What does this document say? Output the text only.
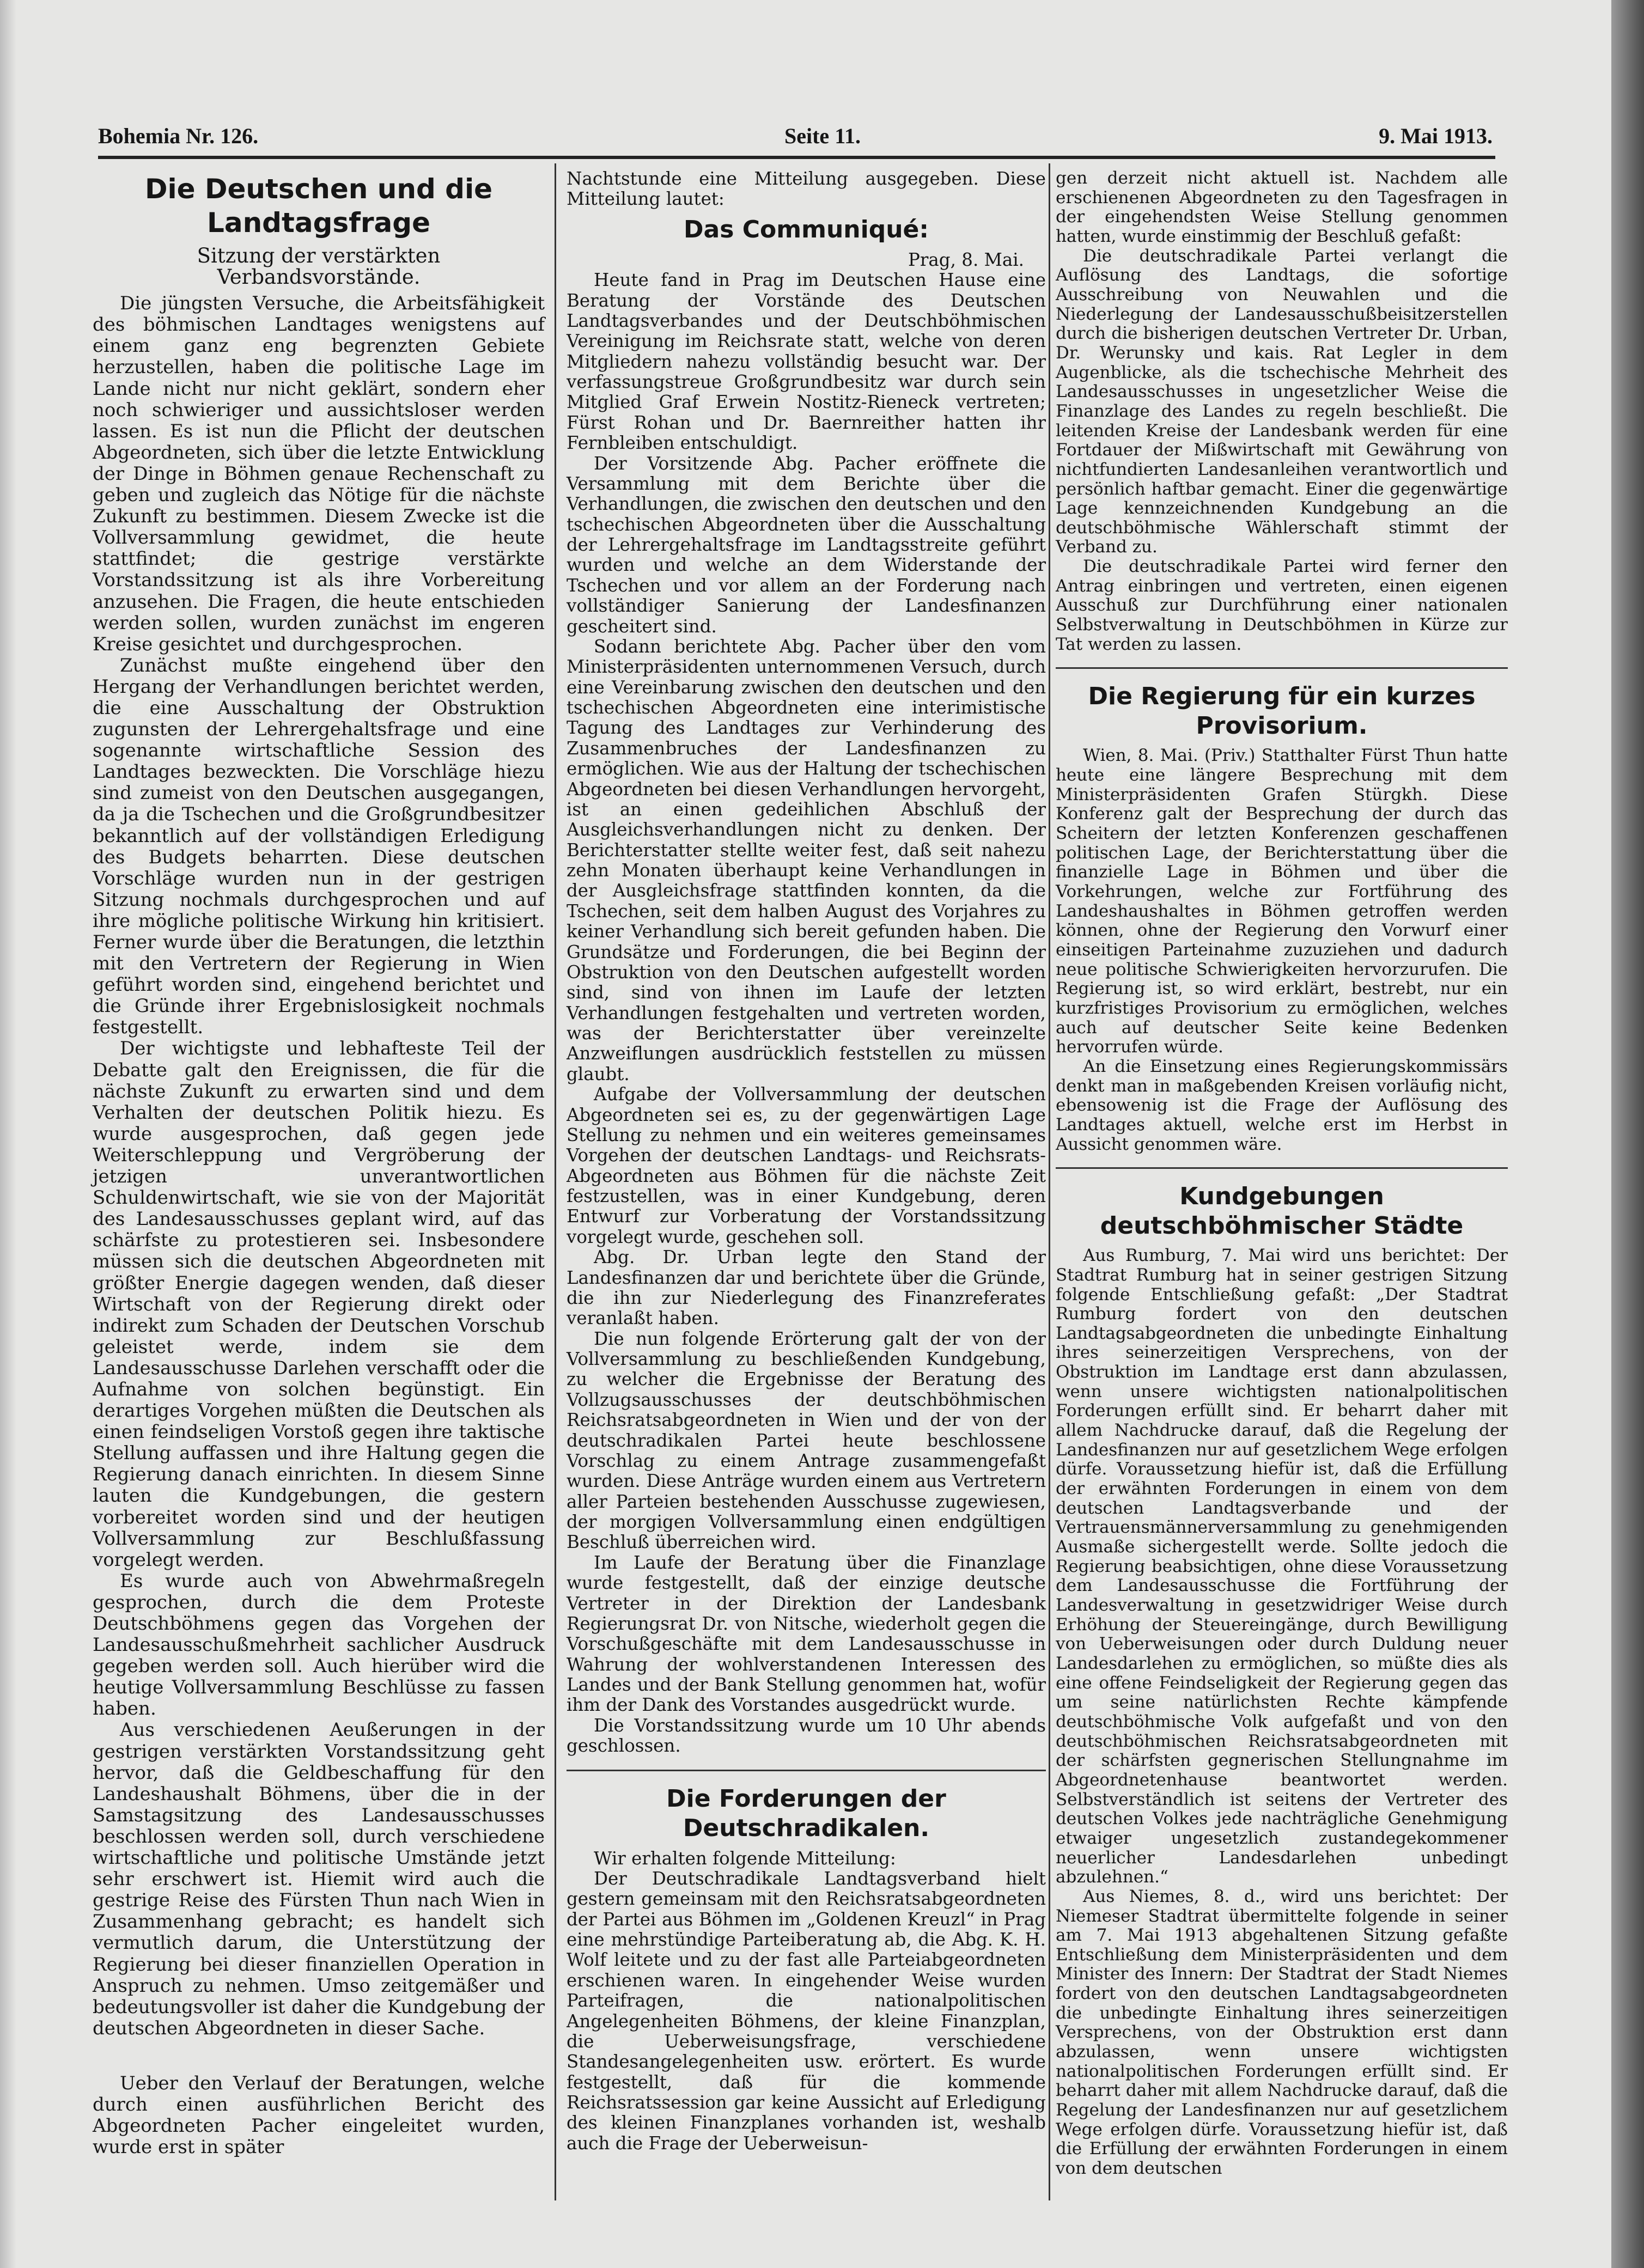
Bohemia Nr. 126.	Seite 11.	9. Mai 1913.
Die Deutschen und die Landtagsfrage
Sitzung der verstärkten Verbandsvorstände.

Die jüngsten Versuche, die Arbeitsfähigkeit des böhmischen Landtages wenigstens auf einem ganz eng begrenzten Gebiete herzustellen, haben die politische Lage im Lande nicht nur nicht geklärt, sondern eher noch schwieriger und aussichtsloser werden lassen. Es ist nun die Pflicht der deutschen Abgeordneten, sich über die letzte Entwicklung der Dinge in Böhmen genaue Rechenschaft zu geben und zugleich das Nötige für die nächste Zukunft zu bestimmen. Diesem Zwecke ist die Vollversammlung gewidmet, die heute stattfindet; die gestrige verstärkte Vorstandssitzung ist als ihre Vorbereitung anzusehen. Die Fragen, die heute entschieden werden sollen, wurden zunächst im engeren Kreise gesichtet und durchgesprochen.

Zunächst mußte eingehend über den Hergang der Verhandlungen berichtet werden, die eine Ausschaltung der Obstruktion zugunsten der Lehrergehaltsfrage und eine sogenannte wirtschaftliche Session des Landtages bezweckten. Die Vorschläge hiezu sind zumeist von den Deutschen ausgegangen, da ja die Tschechen und die Großgrundbesitzer bekanntlich auf der vollständigen Erledigung des Budgets beharrten. Diese deutschen Vorschläge wurden nun in der gestrigen Sitzung nochmals durchgesprochen und auf ihre mögliche politische Wirkung hin kritisiert. Ferner wurde über die Beratungen, die letzthin mit den Vertretern der Regierung in Wien geführt worden sind, eingehend berichtet und die Gründe ihrer Ergebnislosigkeit nochmals festgestellt.

Der wichtigste und lebhafteste Teil der Debatte galt den Ereignissen, die für die nächste Zukunft zu erwarten sind und dem Verhalten der deutschen Politik hiezu. Es wurde ausgesprochen, daß gegen jede Weiterschleppung und Vergröberung der jetzigen unverantwortlichen Schuldenwirtschaft, wie sie von der Majorität des Landesausschusses geplant wird, auf das schärfste zu protestieren sei. Insbesondere müssen sich die deutschen Abgeordneten mit größter Energie dagegen wenden, daß dieser Wirtschaft von der Regierung direkt oder indirekt zum Schaden der Deutschen Vorschub geleistet werde, indem sie dem Landesausschusse Darlehen verschafft oder die Aufnahme von solchen begünstigt. Ein derartiges Vorgehen müßten die Deutschen als einen feindseligen Vorstoß gegen ihre taktische Stellung auffassen und ihre Haltung gegen die Regierung danach einrichten. In diesem Sinne lauten die Kundgebungen, die gestern vorbereitet worden sind und der heutigen Vollversammlung zur Beschlußfassung vorgelegt werden.

Es wurde auch von Abwehrmaßregeln gesprochen, durch die dem Proteste Deutschböhmens gegen das Vorgehen der Landesausschußmehrheit sachlicher Ausdruck gegeben werden soll. Auch hierüber wird die heutige Vollversammlung Beschlüsse zu fassen haben.

Aus verschiedenen Aeußerungen in der gestrigen verstärkten Vorstandssitzung geht hervor, daß die Geldbeschaffung für den Landeshaushalt Böhmens, über die in der Samstagsitzung des Landesausschusses beschlossen werden soll, durch verschiedene wirtschaftliche und politische Umstände jetzt sehr erschwert ist. Hiemit wird auch die gestrige Reise des Fürsten Thun nach Wien in Zusammenhang gebracht; es handelt sich vermutlich darum, die Unterstützung der Regierung bei dieser finanziellen Operation in Anspruch zu nehmen. Umso zeitgemäßer und bedeutungsvoller ist daher die Kundgebung der deutschen Abgeordneten in dieser Sache.

Ueber den Verlauf der Beratungen, welche durch einen ausführlichen Bericht des Abgeordneten Pacher eingeleitet wurden, wurde erst in später

Nachtstunde eine Mitteilung ausgegeben. Diese Mitteilung lautet:

Das Communiqué:

Prag, 8. Mai.

Heute fand in Prag im Deutschen Hause eine Beratung der Vorstände des Deutschen Landtagsverbandes und der Deutschböhmischen Vereinigung im Reichsrate statt, welche von deren Mitgliedern nahezu vollständig besucht war. Der verfassungstreue Großgrundbesitz war durch sein Mitglied Graf Erwein Nostitz-Rieneck vertreten; Fürst Rohan und Dr. Baernreither hatten ihr Fernbleiben entschuldigt.

Der Vorsitzende Abg. Pacher eröffnete die Versammlung mit dem Berichte über die Verhandlungen, die zwischen den deutschen und den tschechischen Abgeordneten über die Ausschaltung der Lehrergehaltsfrage im Landtagsstreite geführt wurden und welche an dem Widerstande der Tschechen und vor allem an der Forderung nach vollständiger Sanierung der Landesfinanzen gescheitert sind.

Sodann berichtete Abg. Pacher über den vom Ministerpräsidenten unternommenen Versuch, durch eine Vereinbarung zwischen den deutschen und den tschechischen Abgeordneten eine interimistische Tagung des Landtages zur Verhinderung des Zusammenbruches der Landesfinanzen zu ermöglichen. Wie aus der Haltung der tschechischen Abgeordneten bei diesen Verhandlungen hervorgeht, ist an einen gedeihlichen Abschluß der Ausgleichsverhandlungen nicht zu denken. Der Berichterstatter stellte weiter fest, daß seit nahezu zehn Monaten überhaupt keine Verhandlungen in der Ausgleichsfrage stattfinden konnten, da die Tschechen, seit dem halben August des Vorjahres zu keiner Verhandlung sich bereit gefunden haben. Die Grundsätze und Forderungen, die bei Beginn der Obstruktion von den Deutschen aufgestellt worden sind, sind von ihnen im Laufe der letzten Verhandlungen festgehalten und vertreten worden, was der Berichterstatter über vereinzelte Anzweiflungen ausdrücklich feststellen zu müssen glaubt.

Aufgabe der Vollversammlung der deutschen Abgeordneten sei es, zu der gegenwärtigen Lage Stellung zu nehmen und ein weiteres gemeinsames Vorgehen der deutschen Landtags- und Reichsrats-Abgeordneten aus Böhmen für die nächste Zeit festzustellen, was in einer Kundgebung, deren Entwurf zur Vorberatung der Vorstandssitzung vorgelegt wurde, geschehen soll.

Abg. Dr. Urban legte den Stand der Landesfinanzen dar und berichtete über die Gründe, die ihn zur Niederlegung des Finanzreferates veranlaßt haben.

Die nun folgende Erörterung galt der von der Vollversammlung zu beschließenden Kundgebung, zu welcher die Ergebnisse der Beratung des Vollzugsausschusses der deutschböhmischen Reichsratsabgeordneten in Wien und der von der deutschradikalen Partei heute beschlossene Vorschlag zu einem Antrage zusammengefaßt wurden. Diese Anträge wurden einem aus Vertretern aller Parteien bestehenden Ausschusse zugewiesen, der morgigen Vollversammlung einen endgültigen Beschluß überreichen wird.

Im Laufe der Beratung über die Finanzlage wurde festgestellt, daß der einzige deutsche Vertreter in der Direktion der Landesbank Regierungsrat Dr. von Nitsche, wiederholt gegen die Vorschußgeschäfte mit dem Landesausschusse in Wahrung der wohlverstandenen Interessen des Landes und der Bank Stellung genommen hat, wofür ihm der Dank des Vorstandes ausgedrückt wurde.

Die Vorstandssitzung wurde um 10 Uhr abends geschlossen.

Die Forderungen der Deutschradikalen.

Wir erhalten folgende Mitteilung:

Der Deutschradikale Landtagsverband hielt gestern gemeinsam mit den Reichsratsabgeordneten der Partei aus Böhmen im „Goldenen Kreuzl“ in Prag eine mehrstündige Parteiberatung ab, die Abg. K. H. Wolf leitete und zu der fast alle Parteiabgeordneten erschienen waren. In eingehender Weise wurden Parteifragen, die nationalpolitischen Angelegenheiten Böhmens, der kleine Finanzplan, die Ueberweisungsfrage, verschiedene Standesangelegenheiten usw. erörtert. Es wurde festgestellt, daß für die kommende Reichsratssession gar keine Aussicht auf Erledigung des kleinen Finanzplanes vorhanden ist, weshalb auch die Frage der Ueberweisun-

gen derzeit nicht aktuell ist. Nachdem alle erschienenen Abgeordneten zu den Tagesfragen in der eingehendsten Weise Stellung genommen hatten, wurde einstimmig der Beschluß gefaßt:

Die deutschradikale Partei verlangt die Auflösung des Landtags, die sofortige Ausschreibung von Neuwahlen und die Niederlegung der Landesausschußbeisitzerstellen durch die bisherigen deutschen Vertreter Dr. Urban, Dr. Werunsky und kais. Rat Legler in dem Augenblicke, als die tschechische Mehrheit des Landesausschusses in ungesetzlicher Weise die Finanzlage des Landes zu regeln beschließt. Die leitenden Kreise der Landesbank werden für eine Fortdauer der Mißwirtschaft mit Gewährung von nichtfundierten Landesanleihen verantwortlich und persönlich haftbar gemacht. Einer die gegenwärtige Lage kennzeichnenden Kundgebung an die deutschböhmische Wählerschaft stimmt der Verband zu.

Die deutschradikale Partei wird ferner den Antrag einbringen und vertreten, einen eigenen Ausschuß zur Durchführung einer nationalen Selbstverwaltung in Deutschböhmen in Kürze zur Tat werden zu lassen.

Die Regierung für ein kurzes Provisorium.

Wien, 8. Mai. (Priv.) Statthalter Fürst Thun hatte heute eine längere Besprechung mit dem Ministerpräsidenten Grafen Stürgkh. Diese Konferenz galt der Besprechung der durch das Scheitern der letzten Konferenzen geschaffenen politischen Lage, der Berichterstattung über die finanzielle Lage in Böhmen und über die Vorkehrungen, welche zur Fortführung des Landeshaushaltes in Böhmen getroffen werden können, ohne der Regierung den Vorwurf einer einseitigen Parteinahme zuzuziehen und dadurch neue politische Schwierigkeiten hervorzurufen. Die Regierung ist, so wird erklärt, bestrebt, nur ein kurzfristiges Provisorium zu ermöglichen, welches auch auf deutscher Seite keine Bedenken hervorrufen würde.

An die Einsetzung eines Regierungskommissärs denkt man in maßgebenden Kreisen vorläufig nicht, ebensowenig ist die Frage der Auflösung des Landtages aktuell, welche erst im Herbst in Aussicht genommen wäre.

Kundgebungen deutschböhmischer Städte

Aus Rumburg, 7. Mai wird uns berichtet: Der Stadtrat Rumburg hat in seiner gestrigen Sitzung folgende Entschließung gefaßt: „Der Stadtrat Rumburg fordert von den deutschen Landtagsabgeordneten die unbedingte Einhaltung ihres seinerzeitigen Versprechens, von der Obstruktion im Landtage erst dann abzulassen, wenn unsere wichtigsten nationalpolitischen Forderungen erfüllt sind. Er beharrt daher mit allem Nachdrucke darauf, daß die Regelung der Landesfinanzen nur auf gesetzlichem Wege erfolgen dürfe. Voraussetzung hiefür ist, daß die Erfüllung der erwähnten Forderungen in einem von dem deutschen Landtagsverbande und der Vertrauensmännerversammlung zu genehmigenden Ausmaße sichergestellt werde. Sollte jedoch die Regierung beabsichtigen, ohne diese Voraussetzung dem Landesausschusse die Fortführung der Landesverwaltung in gesetzwidriger Weise durch Erhöhung der Steuereingänge, durch Bewilligung von Ueberweisungen oder durch Duldung neuer Landesdarlehen zu ermöglichen, so müßte dies als eine offene Feindseligkeit der Regierung gegen das um seine natürlichsten Rechte kämpfende deutschböhmische Volk aufgefaßt und von den deutschböhmischen Reichsratsabgeordneten mit der schärfsten gegnerischen Stellungnahme im Abgeordnetenhause beantwortet werden. Selbstverständlich ist seitens der Vertreter des deutschen Volkes jede nachträgliche Genehmigung etwaiger ungesetzlich zustandegekommener neuerlicher Landesdarlehen unbedingt abzulehnen.“

Aus Niemes, 8. d., wird uns berichtet: Der Niemeser Stadtrat übermittelte folgende in seiner am 7. Mai 1913 abgehaltenen Sitzung gefaßte Entschließung dem Ministerpräsidenten und dem Minister des Innern: Der Stadtrat der Stadt Niemes fordert von den deutschen Landtagsabgeordneten die unbedingte Einhaltung ihres seinerzeitigen Versprechens, von der Obstruktion erst dann abzulassen, wenn unsere wichtigsten nationalpolitischen Forderungen erfüllt sind. Er beharrt daher mit allem Nachdrucke darauf, daß die Regelung der Landesfinanzen nur auf gesetzlichem Wege erfolgen dürfe. Voraussetzung hiefür ist, daß die Erfüllung der erwähnten Forderungen in einem von dem deutschen
